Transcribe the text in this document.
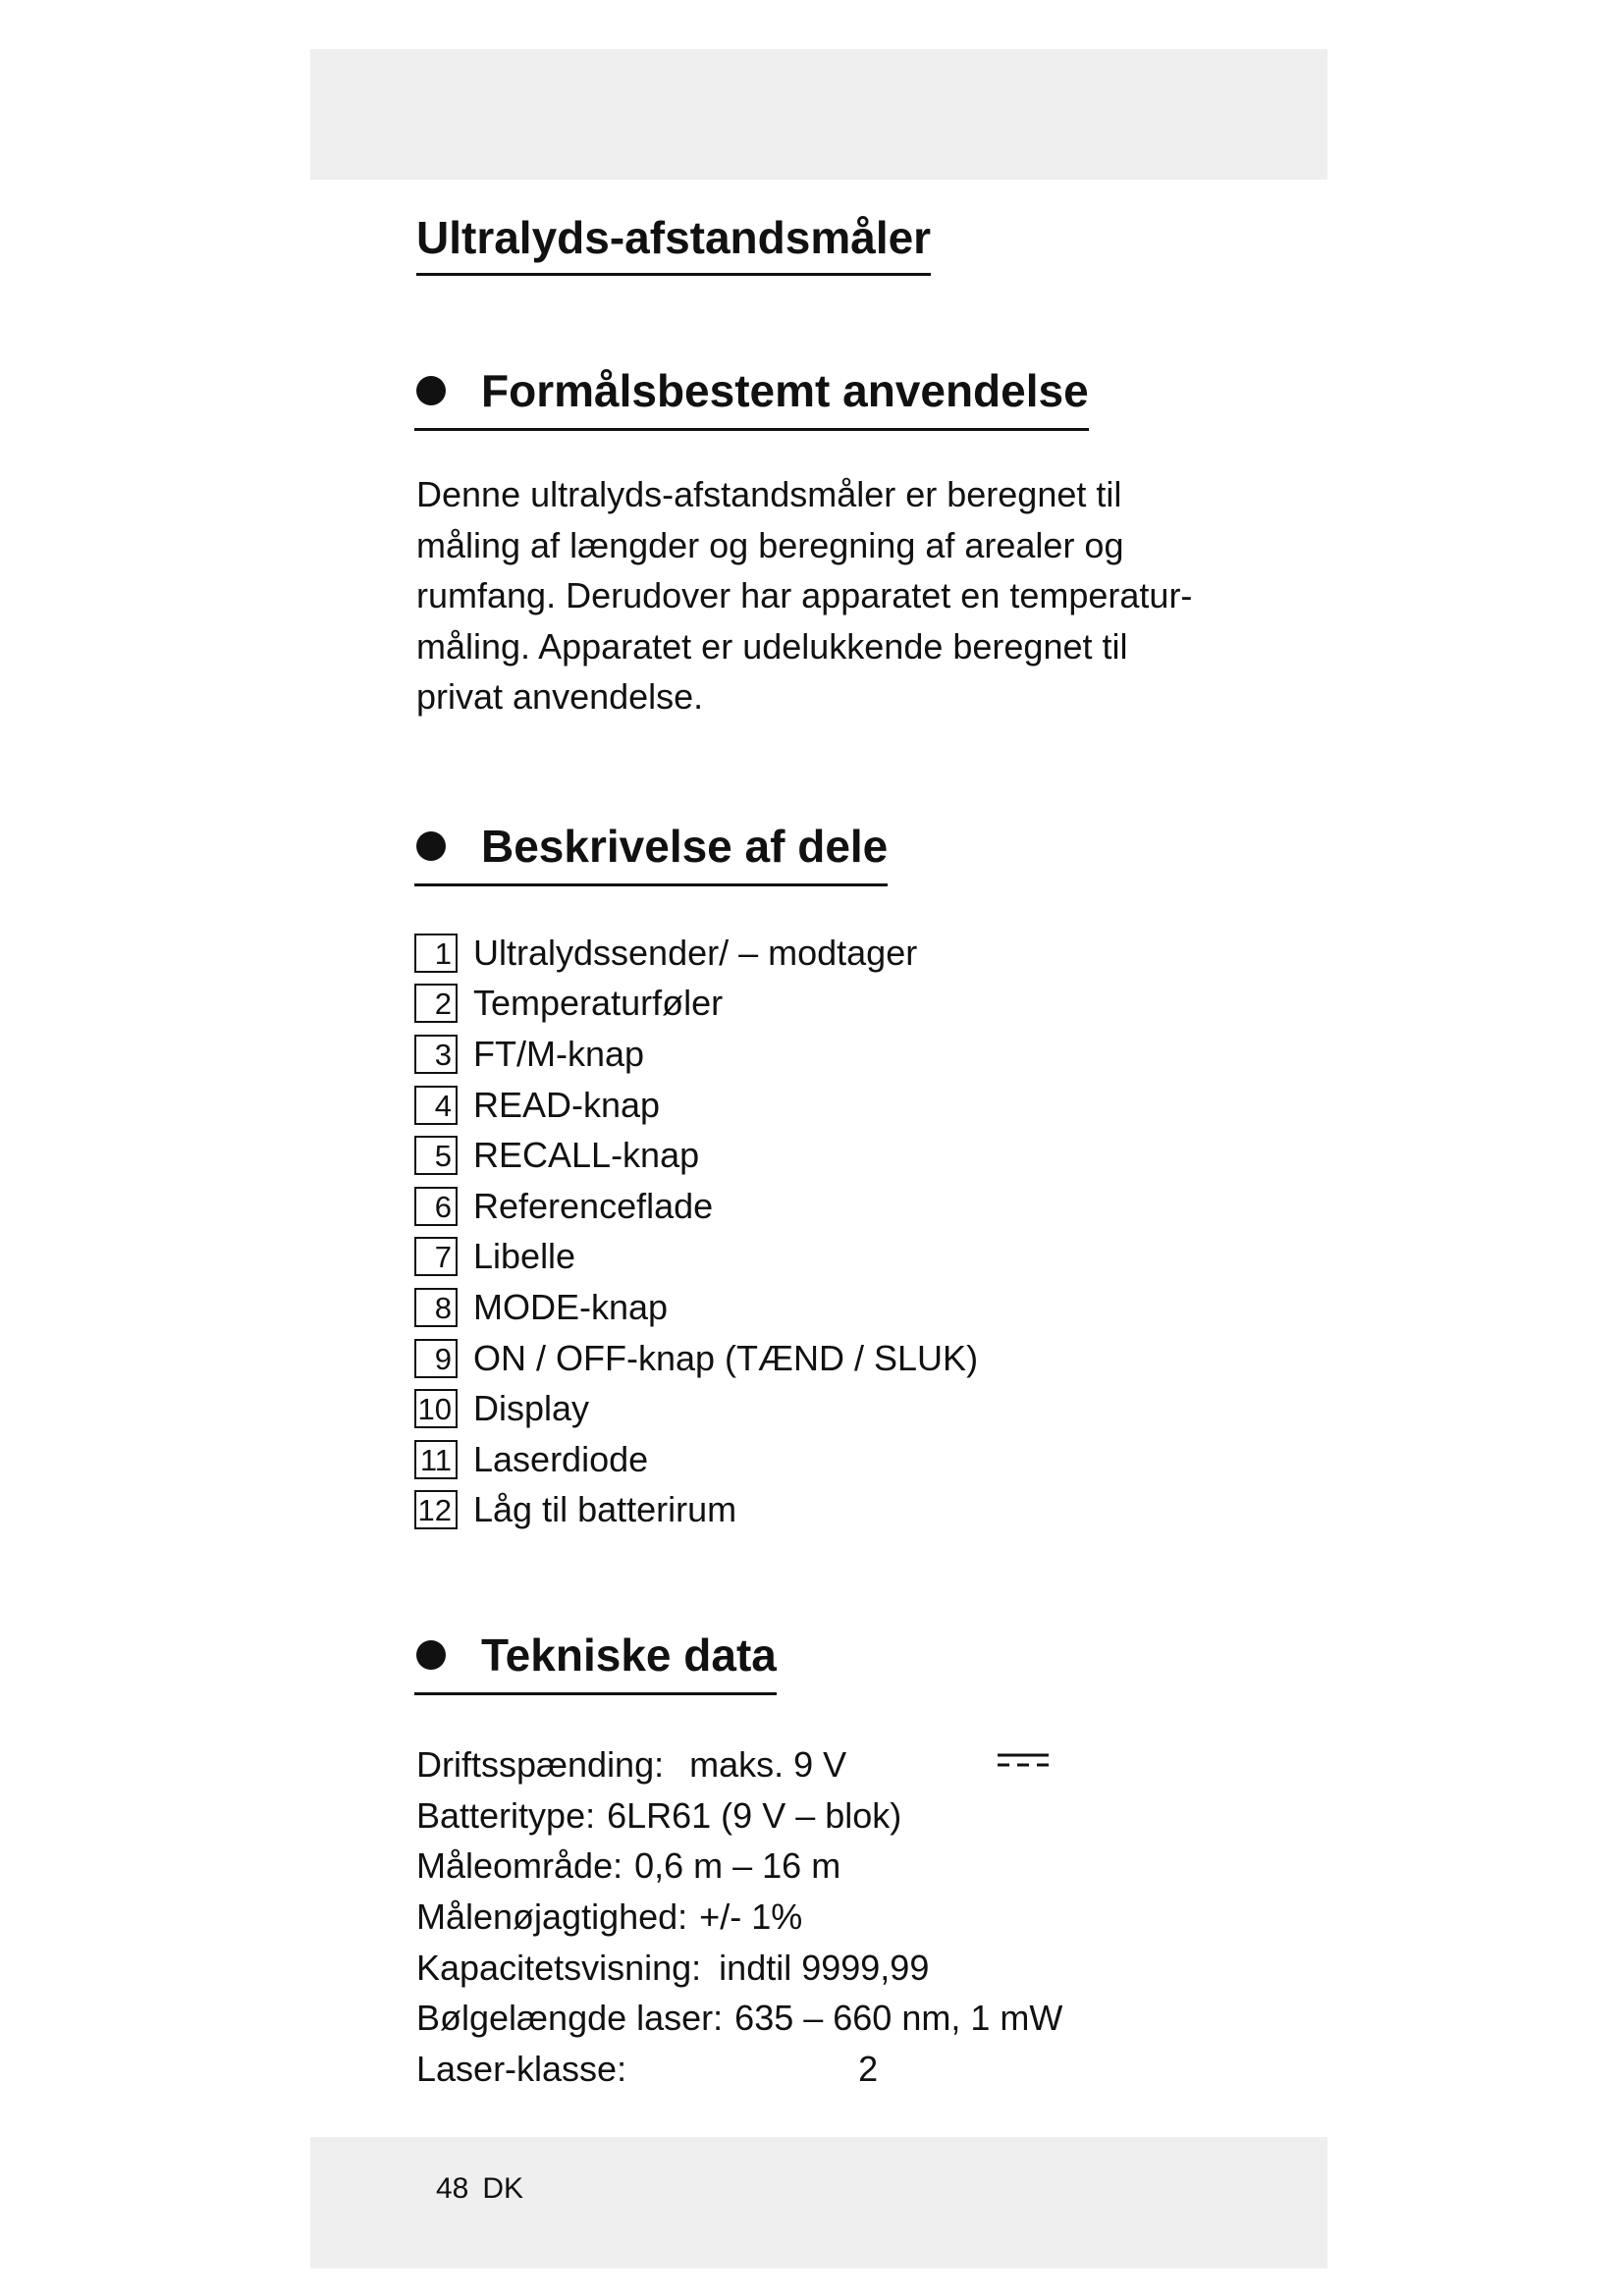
Ultralyds-afstandsmåler
Formålsbestemt anvendelse

Denne ultralyds-afstandsmåler er beregnet til
måling af længder og beregning af arealer og
rumfang. Derudover har apparatet en temperatur-
måling. Apparatet er udelukkende beregnet til
privat anvendelse.

Beskrivelse af dele
1 Ultralydssender/ – modtager
2 Temperaturføler
3 FT/M-knap
4 READ-knap
5 RECALL-knap
6 Referenceflade
7 Libelle
8 MODE-knap
9 ON / OFF-knap (TÆND / SLUK)
10 Display
11 Laserdiode
12 Låg til batterirum
Tekniske data
Driftsspænding: maks. 9 V
Batteritype: 6LR61 (9 V – blok)
Måleområde: 0,6 m – 16 m
Målenøjagtighed: +/- 1%
Kapacitetsvisning: indtil 9999,99
Bølgelængde laser: 635 – 660 nm, 1 mW
Laser-klasse:	2
48 DK
